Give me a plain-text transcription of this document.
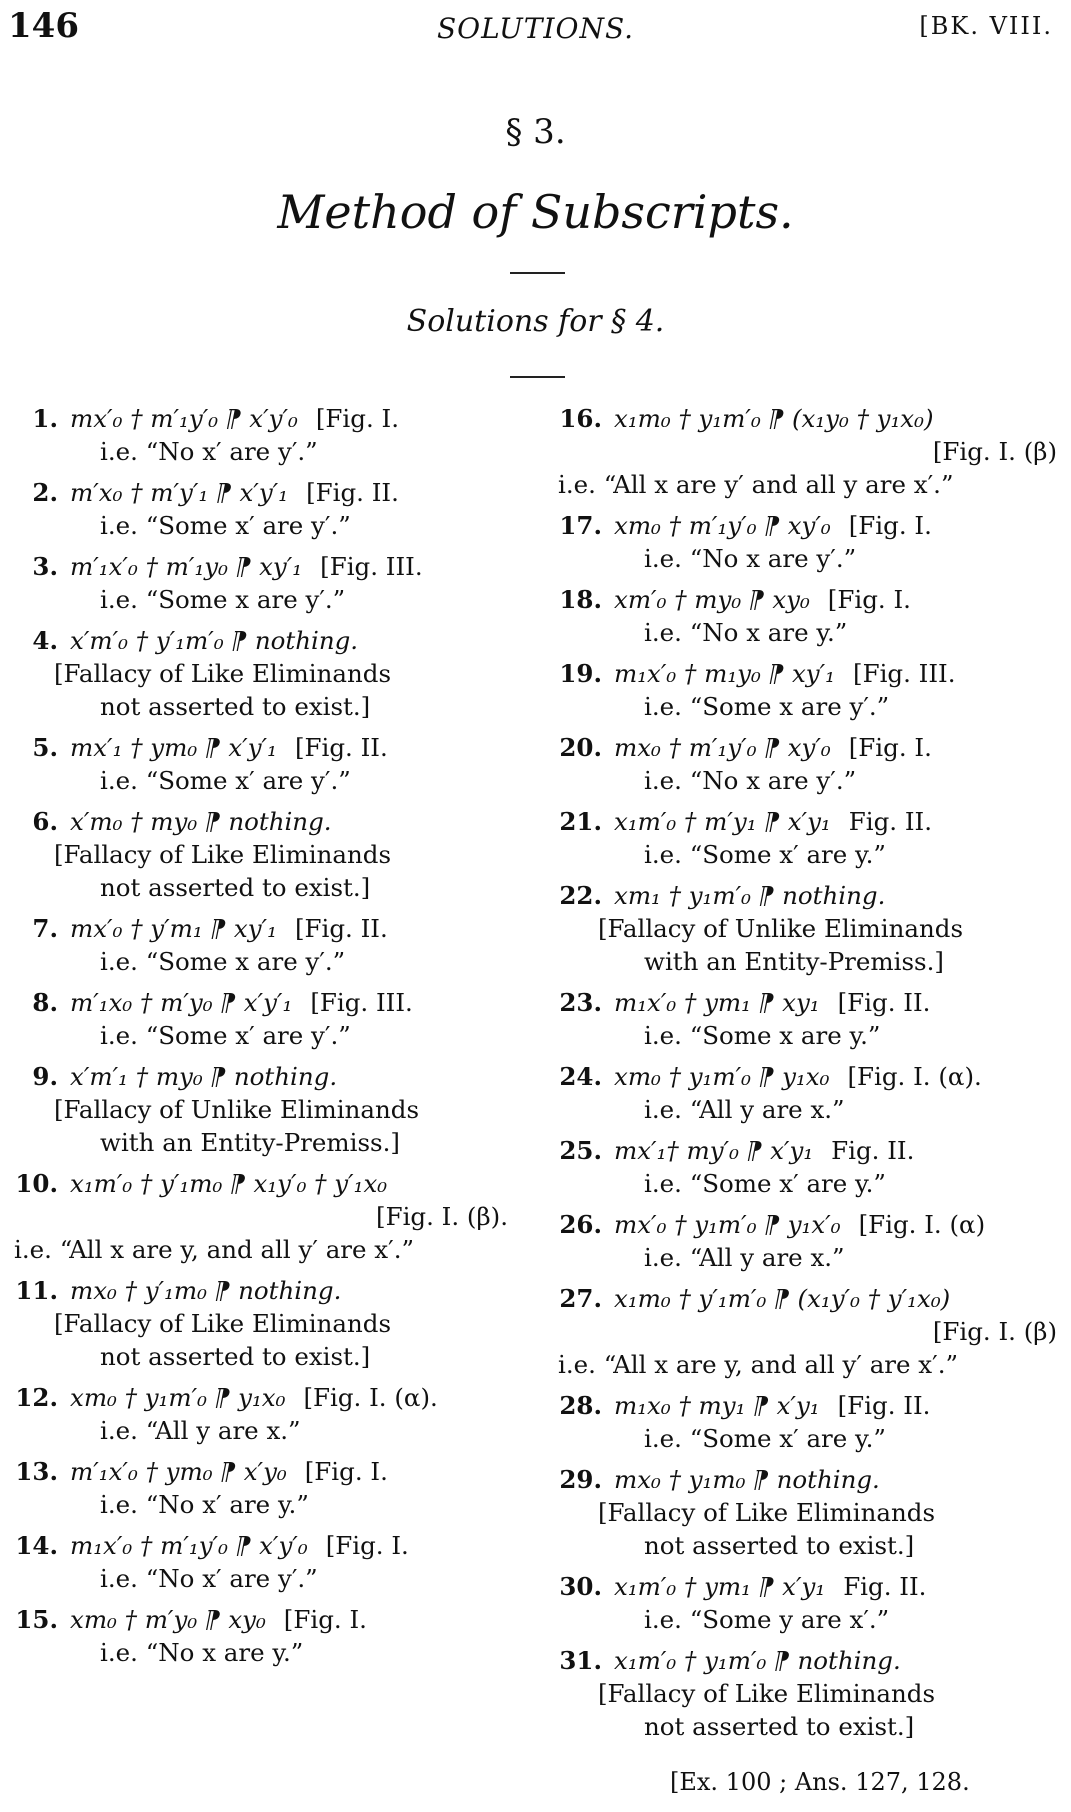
146	SOLUTIONS.	[BK. VIII.
§ 3.
Method of Subscripts.
Solutions for § 4.
1. mx′₀ † m′₁y′₀ ⁋ x′y′₀ [Fig. I.
i.e. “No x′ are y′.”
2. m′x₀ † m′y′₁ ⁋ x′y′₁ [Fig. II.
i.e. “Some x′ are y′.”
3. m′₁x′₀ † m′₁y₀ ⁋ xy′₁ [Fig. III.
i.e. “Some x are y′.”
4. x′m′₀ † y′₁m′₀ ⁋ nothing.
[Fallacy of Like Eliminands
not asserted to exist.]
5. mx′₁ † ym₀ ⁋ x′y′₁ [Fig. II.
i.e. “Some x′ are y′.”
6. x′m₀ † my₀ ⁋ nothing.
[Fallacy of Like Eliminands
not asserted to exist.]
7. mx′₀ † y′m₁ ⁋ xy′₁ [Fig. II.
i.e. “Some x are y′.”
8. m′₁x₀ † m′y₀ ⁋ x′y′₁ [Fig. III.
i.e. “Some x′ are y′.”
9. x′m′₁ † my₀ ⁋ nothing.
[Fallacy of Unlike Eliminands
with an Entity-Premiss.]
10. x₁m′₀ † y′₁m₀ ⁋ x₁y′₀ † y′₁x₀
[Fig. I. (β).
i.e. “All x are y, and all y′ are x′.”
11. mx₀ † y′₁m₀ ⁋ nothing.
[Fallacy of Like Eliminands
not asserted to exist.]
12. xm₀ † y₁m′₀ ⁋ y₁x₀ [Fig. I. (α).
i.e. “All y are x.”
13. m′₁x′₀ † ym₀ ⁋ x′y₀ [Fig. I.
i.e. “No x′ are y.”
14. m₁x′₀ † m′₁y′₀ ⁋ x′y′₀ [Fig. I.
i.e. “No x′ are y′.”
15. xm₀ † m′y₀ ⁋ xy₀ [Fig. I.
i.e. “No x are y.”
16. x₁m₀ † y₁m′₀ ⁋ (x₁y₀ † y₁x₀)
[Fig. I. (β)
i.e. “All x are y′ and all y are x′.”
17. xm₀ † m′₁y′₀ ⁋ xy′₀ [Fig. I.
i.e. “No x are y′.”
18. xm′₀ † my₀ ⁋ xy₀ [Fig. I.
i.e. “No x are y.”
19. m₁x′₀ † m₁y₀ ⁋ xy′₁ [Fig. III.
i.e. “Some x are y′.”
20. mx₀ † m′₁y′₀ ⁋ xy′₀ [Fig. I.
i.e. “No x are y′.”
21. x₁m′₀ † m′y₁ ⁋ x′y₁ Fig. II.
i.e. “Some x′ are y.”
22. xm₁ † y₁m′₀ ⁋ nothing.
[Fallacy of Unlike Eliminands
with an Entity-Premiss.]
23. m₁x′₀ † ym₁ ⁋ xy₁ [Fig. II.
i.e. “Some x are y.”
24. xm₀ † y₁m′₀ ⁋ y₁x₀ [Fig. I. (α).
i.e. “All y are x.”
25. mx′₁† my′₀ ⁋ x′y₁ Fig. II.
i.e. “Some x′ are y.”
26. mx′₀ † y₁m′₀ ⁋ y₁x′₀ [Fig. I. (α)
i.e. “All y are x.”
27. x₁m₀ † y′₁m′₀ ⁋ (x₁y′₀ † y′₁x₀)
[Fig. I. (β)
i.e. “All x are y, and all y′ are x′.”
28. m₁x₀ † my₁ ⁋ x′y₁ [Fig. II.
i.e. “Some x′ are y.”
29. mx₀ † y₁m₀ ⁋ nothing.
[Fallacy of Like Eliminands
not asserted to exist.]
30. x₁m′₀ † ym₁ ⁋ x′y₁ Fig. II.
i.e. “Some y are x′.”
31. x₁m′₀ † y₁m′₀ ⁋ nothing.
[Fallacy of Like Eliminands
not asserted to exist.]
[Ex. 100 ; Ans. 127, 128.
